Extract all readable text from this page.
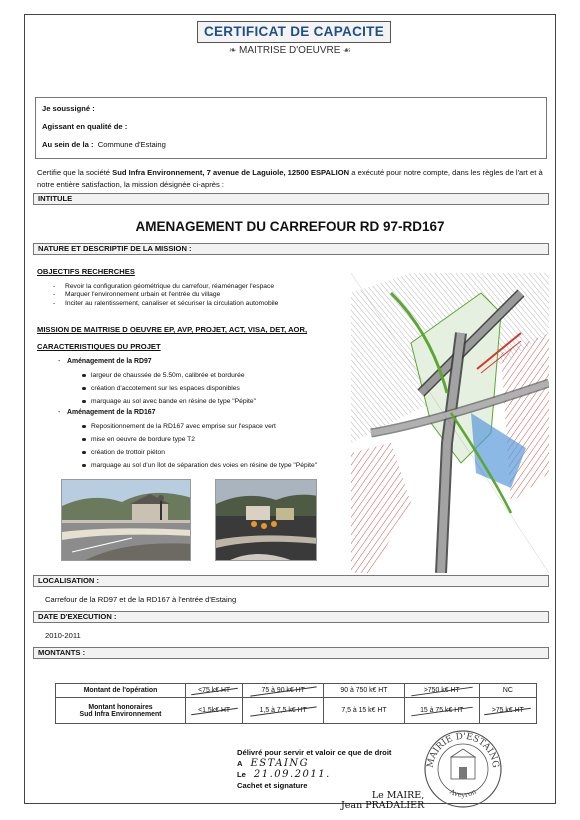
CERTIFICAT DE CAPACITE
❧ MAITRISE D'OEUVRE ☙
Je soussigné :
Agissant en qualité de :
Au sein de la : Commune d'Estaing
Certifie que la société Sud Infra Environnement, 7 avenue de Laguiole, 12500 ESPALION a exécuté pour notre compte, dans les règles de l'art et à notre entière satisfaction, la mission désignée ci-après :
INTITULE
AMENAGEMENT DU CARREFOUR RD 97-RD167
NATURE ET DESCRIPTIF DE LA MISSION :
OBJECTIFS RECHERCHES
- Revoir la configuration géométrique du carrefour, réaménager l'espace
- Marquer l'environnement urbain et l'entrée du village
- Inciter au ralentissement, canaliser et sécuriser la circulation automobile
MISSION DE MAITRISE D OEUVRE EP, AVP, PROJET, ACT, VISA, DET, AOR,
CARACTERISTIQUES DU PROJET
- Aménagement de la RD97
largeur de chaussée de 5.50m, calibrée et bordurée
création d'accotement sur les espaces disponibles
marquage au sol avec bande en résine de type "Pépite"
- Aménagement de la RD167
Repositionnement de la RD167 avec emprise sur l'espace vert
mise en oeuvre de bordure type T2
création de trottoir piéton
marquage au sol d'un îlot de séparation des voies en résine de type "Pépite"
LOCALISATION :
Carrefour de la RD97 et de la RD167 à l'entrée d'Estaing
DATE D'EXECUTION :
2010-2011
MONTANTS :
Montant de l'opération	<75 k€ HT	75 à 90 k€ HT	90 à 750 k€ HT	>750 k€ HT	NC

Montant honoraires
Sud Infra Environnement	<1,5k€ HT	1,5 à 7,5 k€ HT	7,5 à 15 k€ HT	15 à 75 k€ HT	>75 k€ HT
Délivré pour servir et valoir ce que de droit
A ESTAING
Le 21.09.2011.
Cachet et signature
Le MAIRE,
Jean PRADALIER
MAIRIE D'ESTAING
Aveyron
